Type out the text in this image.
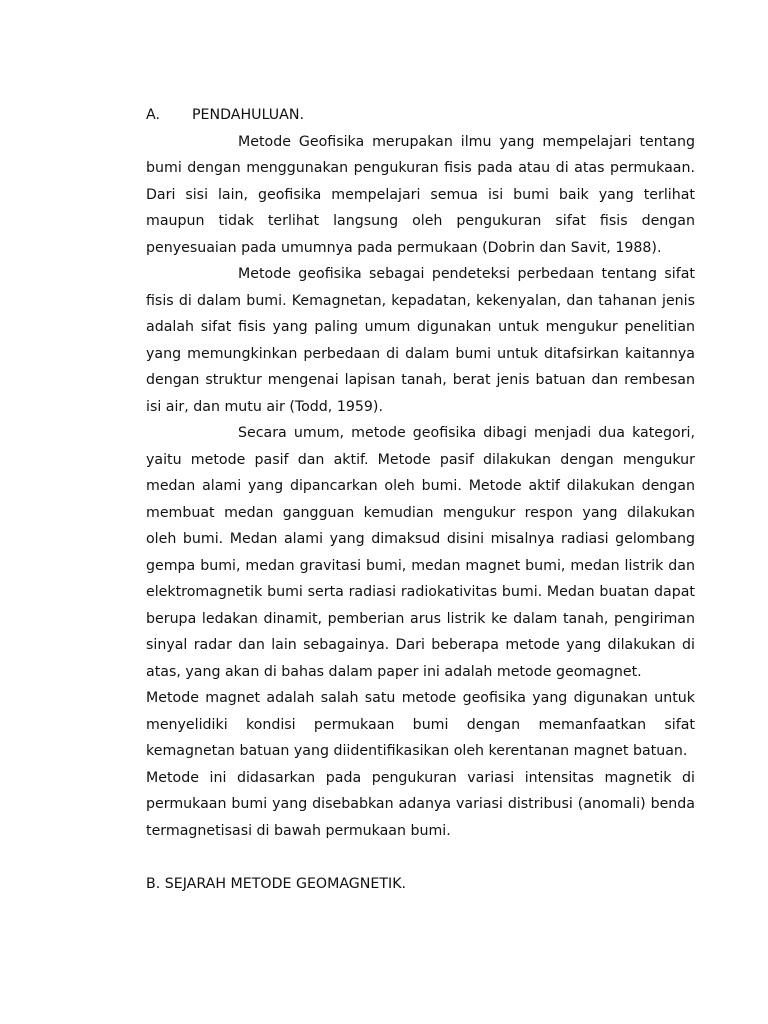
A. PENDAHULUAN.

Metode Geofisika merupakan ilmu yang mempelajari tentang bumi dengan menggunakan pengukuran fisis pada atau di atas permukaan. Dari sisi lain, geofisika mempelajari semua isi bumi baik yang terlihat maupun tidak terlihat langsung oleh pengukuran sifat fisis dengan penyesuaian pada umumnya pada permukaan (Dobrin dan Savit, 1988).

Metode geofisika sebagai pendeteksi perbedaan tentang sifat fisis di dalam bumi. Kemagnetan, kepadatan, kekenyalan, dan tahanan jenis adalah sifat fisis yang paling umum digunakan untuk mengukur penelitian yang memungkinkan perbedaan di dalam bumi untuk ditafsirkan kaitannya dengan struktur mengenai lapisan tanah, berat jenis batuan dan rembesan isi air, dan mutu air (Todd, 1959).

Secara umum, metode geofisika dibagi menjadi dua kategori, yaitu metode pasif dan aktif. Metode pasif dilakukan dengan mengukur medan alami yang dipancarkan oleh bumi. Metode aktif dilakukan dengan membuat medan gangguan kemudian mengukur respon yang dilakukan oleh bumi. Medan alami yang dimaksud disini misalnya radiasi gelombang gempa bumi, medan gravitasi bumi, medan magnet bumi, medan listrik dan elektromagnetik bumi serta radiasi radiokativitas bumi. Medan buatan dapat berupa ledakan dinamit, pemberian arus listrik ke dalam tanah, pengiriman sinyal radar dan lain sebagainya. Dari beberapa metode yang dilakukan di atas, yang akan di bahas dalam paper ini adalah metode geomagnet.

Metode magnet adalah salah satu metode geofisika yang digunakan untuk menyelidiki kondisi permukaan bumi dengan memanfaatkan sifat kemagnetan batuan yang diidentifikasikan oleh kerentanan magnet batuan.

Metode ini didasarkan pada pengukuran variasi intensitas magnetik di permukaan bumi yang disebabkan adanya variasi distribusi (anomali) benda termagnetisasi di bawah permukaan bumi.

B. SEJARAH METODE GEOMAGNETIK.
